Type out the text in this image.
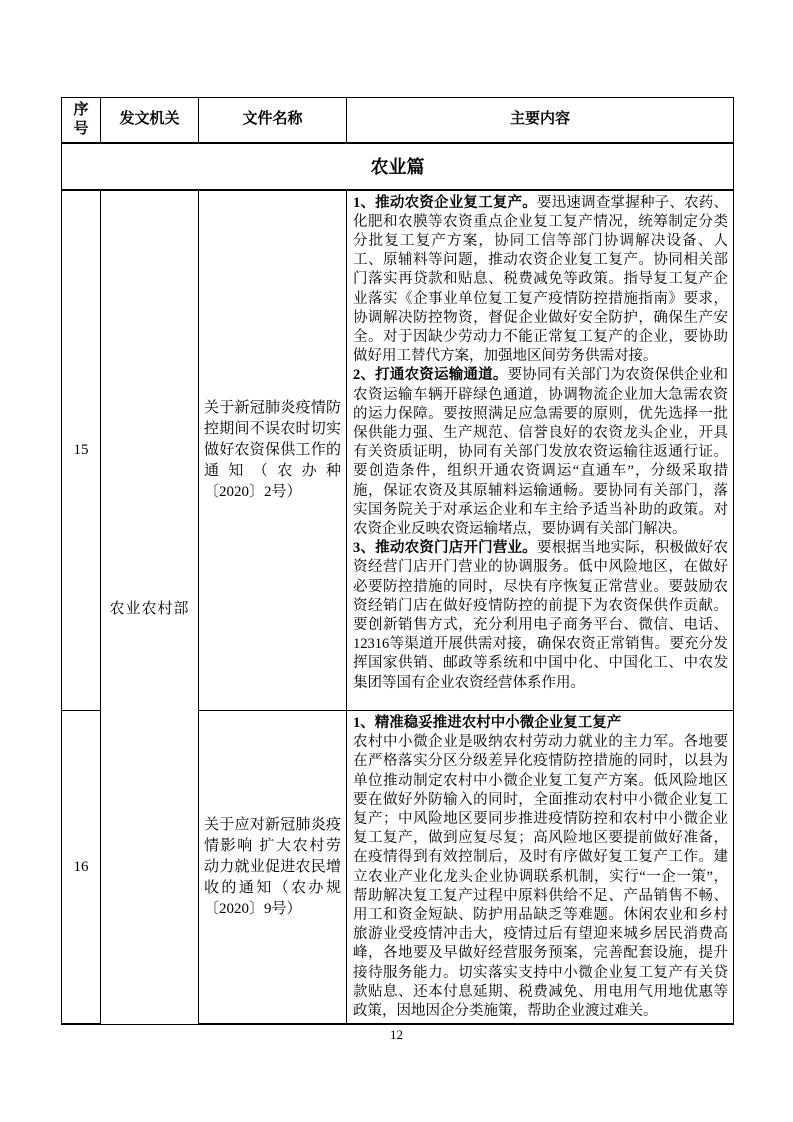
序号	发文机关	文件名称	主要内容
农业篇			
15	农业农村部	关于新冠肺炎疫情防控期间不误农时切实做好农资保供工作的通知（农办种〔2020〕2号）	1、推动农资企业复工复产。要迅速调查掌握种子、农药、化肥和农膜等农资重点企业复工复产情况，统筹制定分类分批复工复产方案，协同工信等部门协调解决设备、人工、原辅料等问题，推动农资企业复工复产。协同相关部门落实再贷款和贴息、税费减免等政策。指导复工复产企业落实《企事业单位复工复产疫情防控措施指南》要求，协调解决防控物资，督促企业做好安全防护，确保生产安全。对于因缺少劳动力不能正常复工复产的企业，要协助做好用工替代方案，加强地区间劳务供需对接。

2、打通农资运输通道。要协同有关部门为农资保供企业和农资运输车辆开辟绿色通道，协调物流企业加大急需农资的运力保障。要按照满足应急需要的原则，优先选择一批保供能力强、生产规范、信誉良好的农资龙头企业，开具有关资质证明，协同有关部门发放农资运输往返通行证。要创造条件，组织开通农资调运“直通车”，分级采取措施，保证农资及其原辅料运输通畅。要协同有关部门，落实国务院关于对承运企业和车主给予适当补助的政策。对农资企业反映农资运输堵点，要协调有关部门解决。

3、推动农资门店开门营业。要根据当地实际，积极做好农资经营门店开门营业的协调服务。低中风险地区，在做好必要防控措施的同时，尽快有序恢复正常营业。要鼓励农资经销门店在做好疫情防控的前提下为农资保供作贡献。要创新销售方式，充分利用电子商务平台、微信、电话、12316等渠道开展供需对接，确保农资正常销售。要充分发挥国家供销、邮政等系统和中国中化、中国化工、中农发集团等国有企业农资经营体系作用。

16		关于应对新冠肺炎疫情影响 扩大农村劳动力就业促进农民增收的通知（农办规〔2020〕9号）	1、精准稳妥推进农村中小微企业复工复产
农村中小微企业是吸纳农村劳动力就业的主力军。各地要在严格落实分区分级差异化疫情防控措施的同时，以县为单位推动制定农村中小微企业复工复产方案。低风险地区要在做好外防输入的同时，全面推动农村中小微企业复工复产；中风险地区要同步推进疫情防控和农村中小微企业复工复产，做到应复尽复；高风险地区要提前做好准备，在疫情得到有效控制后，及时有序做好复工复产工作。建立农业产业化龙头企业协调联系机制，实行“一企一策”，帮助解决复工复产过程中原料供给不足、产品销售不畅、用工和资金短缺、防护用品缺乏等难题。休闲农业和乡村旅游业受疫情冲击大，疫情过后有望迎来城乡居民消费高峰，各地要及早做好经营服务预案，完善配套设施，提升接待服务能力。切实落实支持中小微企业复工复产有关贷款贴息、还本付息延期、税费减免、用电用气用地优惠等政策，因地因企分类施策，帮助企业渡过难关。

12
